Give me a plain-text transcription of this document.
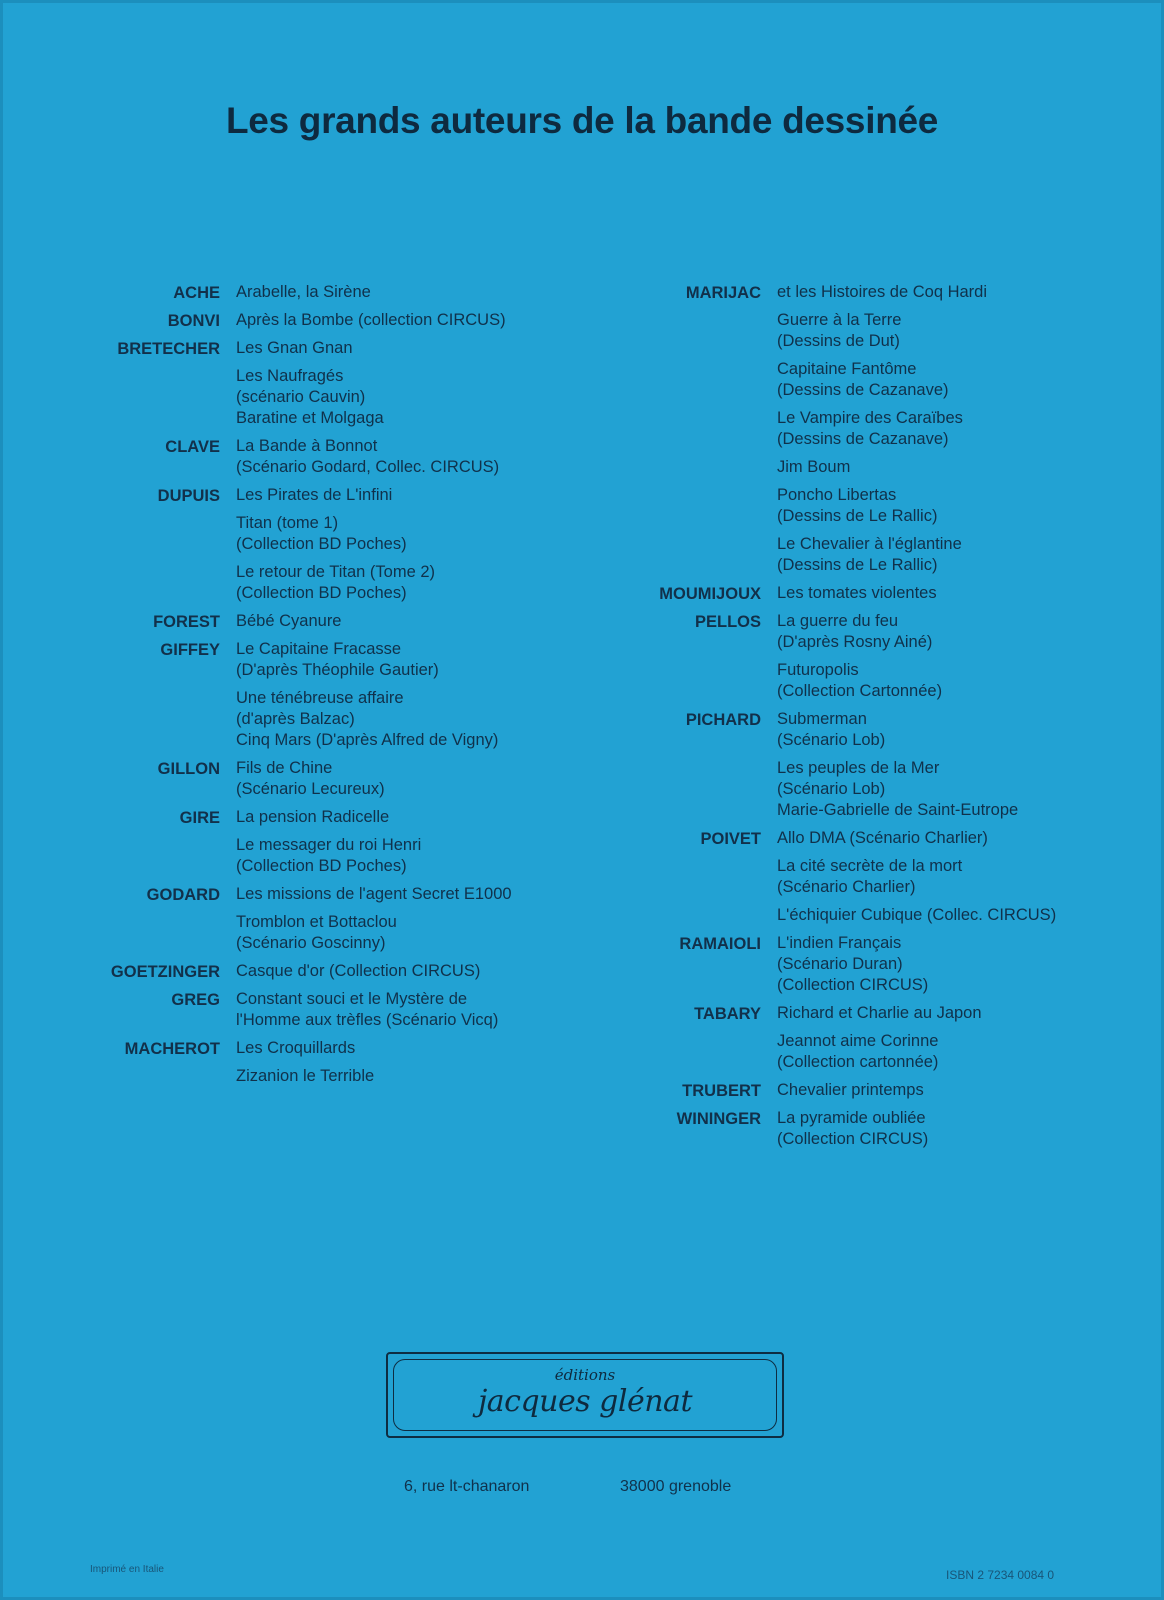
Les grands auteurs de la bande dessinée
ACHE Arabelle, la Sirène
BONVI Après la Bombe (collection CIRCUS)
BRETECHER Les Gnan Gnan
Les Naufragés
(scénario Cauvin)
Baratine et Molgaga
CLAVE La Bande à Bonnot
(Scénario Godard, Collec. CIRCUS)
DUPUIS Les Pirates de L'infini
Titan (tome 1)
(Collection BD Poches)
Le retour de Titan (Tome 2)
(Collection BD Poches)
FOREST Bébé Cyanure
GIFFEY Le Capitaine Fracasse
(D'après Théophile Gautier)
Une ténébreuse affaire
(d'après Balzac)
Cinq Mars (D'après Alfred de Vigny)
GILLON Fils de Chine
(Scénario Lecureux)
GIRE La pension Radicelle
Le messager du roi Henri
(Collection BD Poches)
GODARD Les missions de l'agent Secret E1000
Tromblon et Bottaclou
(Scénario Goscinny)
GOETZINGER Casque d'or (Collection CIRCUS)
GREG Constant souci et le Mystère de
l'Homme aux trèfles (Scénario Vicq)
MACHEROT Les Croquillards
Zizanion le Terrible
MARIJAC et les Histoires de Coq Hardi
Guerre à la Terre
(Dessins de Dut)
Capitaine Fantôme
(Dessins de Cazanave)
Le Vampire des Caraïbes
(Dessins de Cazanave)
Jim Boum
Poncho Libertas
(Dessins de Le Rallic)
Le Chevalier à l'églantine
(Dessins de Le Rallic)
MOUMIJOUX Les tomates violentes
PELLOS La guerre du feu
(D'après Rosny Ainé)
Futuropolis
(Collection Cartonnée)
PICHARD Submerman
(Scénario Lob)
Les peuples de la Mer
(Scénario Lob)
Marie-Gabrielle de Saint-Eutrope
POIVET Allo DMA (Scénario Charlier)
La cité secrète de la mort
(Scénario Charlier)
L'échiquier Cubique (Collec. CIRCUS)
RAMAIOLI L'indien Français
(Scénario Duran)
(Collection CIRCUS)
TABARY Richard et Charlie au Japon
Jeannot aime Corinne
(Collection cartonnée)
TRUBERT Chevalier printemps
WININGER La pyramide oubliée
(Collection CIRCUS)
éditions
jacques glénat
6, rue lt-chanaron	38000 grenoble
Imprimé en Italie	ISBN 2 7234 0084 0
